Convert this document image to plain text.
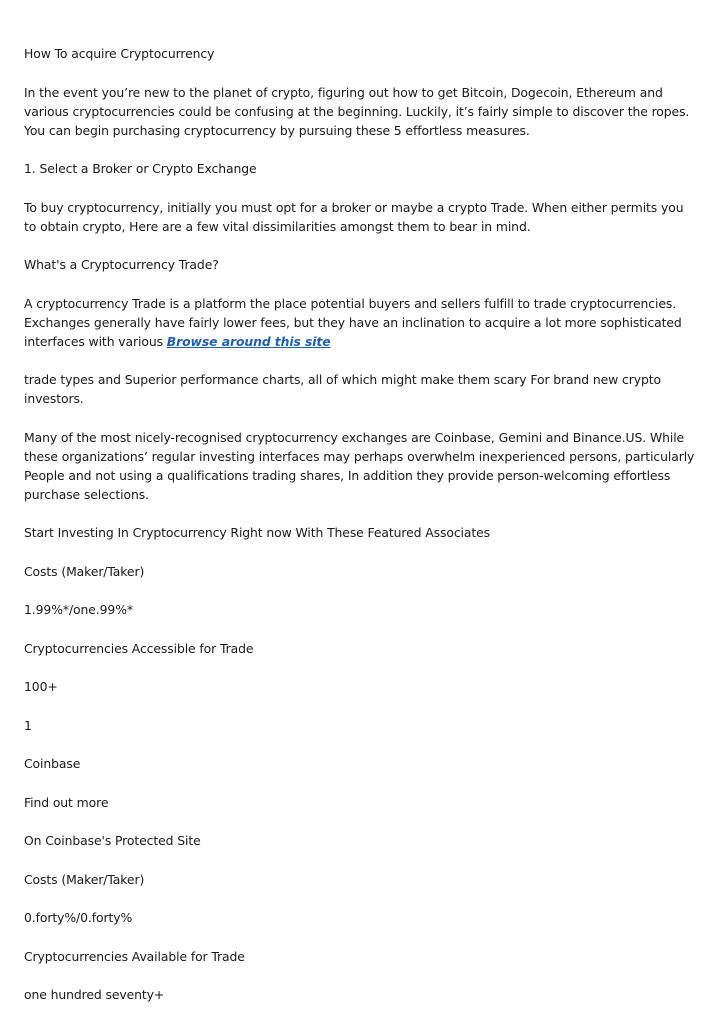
How To acquire Cryptocurrency

In the event you’re new to the planet of crypto, figuring out how to get Bitcoin, Dogecoin, Ethereum and various cryptocurrencies could be confusing at the beginning. Luckily, it’s fairly simple to discover the ropes. You can begin purchasing cryptocurrency by pursuing these 5 effortless measures.

1. Select a Broker or Crypto Exchange

To buy cryptocurrency, initially you must opt for a broker or maybe a crypto Trade. When either permits you to obtain crypto, Here are a few vital dissimilarities amongst them to bear in mind.

What's a Cryptocurrency Trade?

A cryptocurrency Trade is a platform the place potential buyers and sellers fulfill to trade cryptocurrencies. Exchanges generally have fairly lower fees, but they have an inclination to acquire a lot more sophisticated interfaces with various Browse around this site

trade types and Superior performance charts, all of which might make them scary For brand new crypto investors.

Many of the most nicely-recognised cryptocurrency exchanges are Coinbase, Gemini and Binance.US. While these organizations’ regular investing interfaces may perhaps overwhelm inexperienced persons, particularly People and not using a qualifications trading shares, In addition they provide person-welcoming effortless purchase selections.

Start Investing In Cryptocurrency Right now With These Featured Associates

Costs (Maker/Taker)

1.99%*/one.99%*

Cryptocurrencies Accessible for Trade

100+

1

Coinbase

Find out more

On Coinbase's Protected Site

Costs (Maker/Taker)

0.forty%/0.forty%

Cryptocurrencies Available for Trade

one hundred seventy+
